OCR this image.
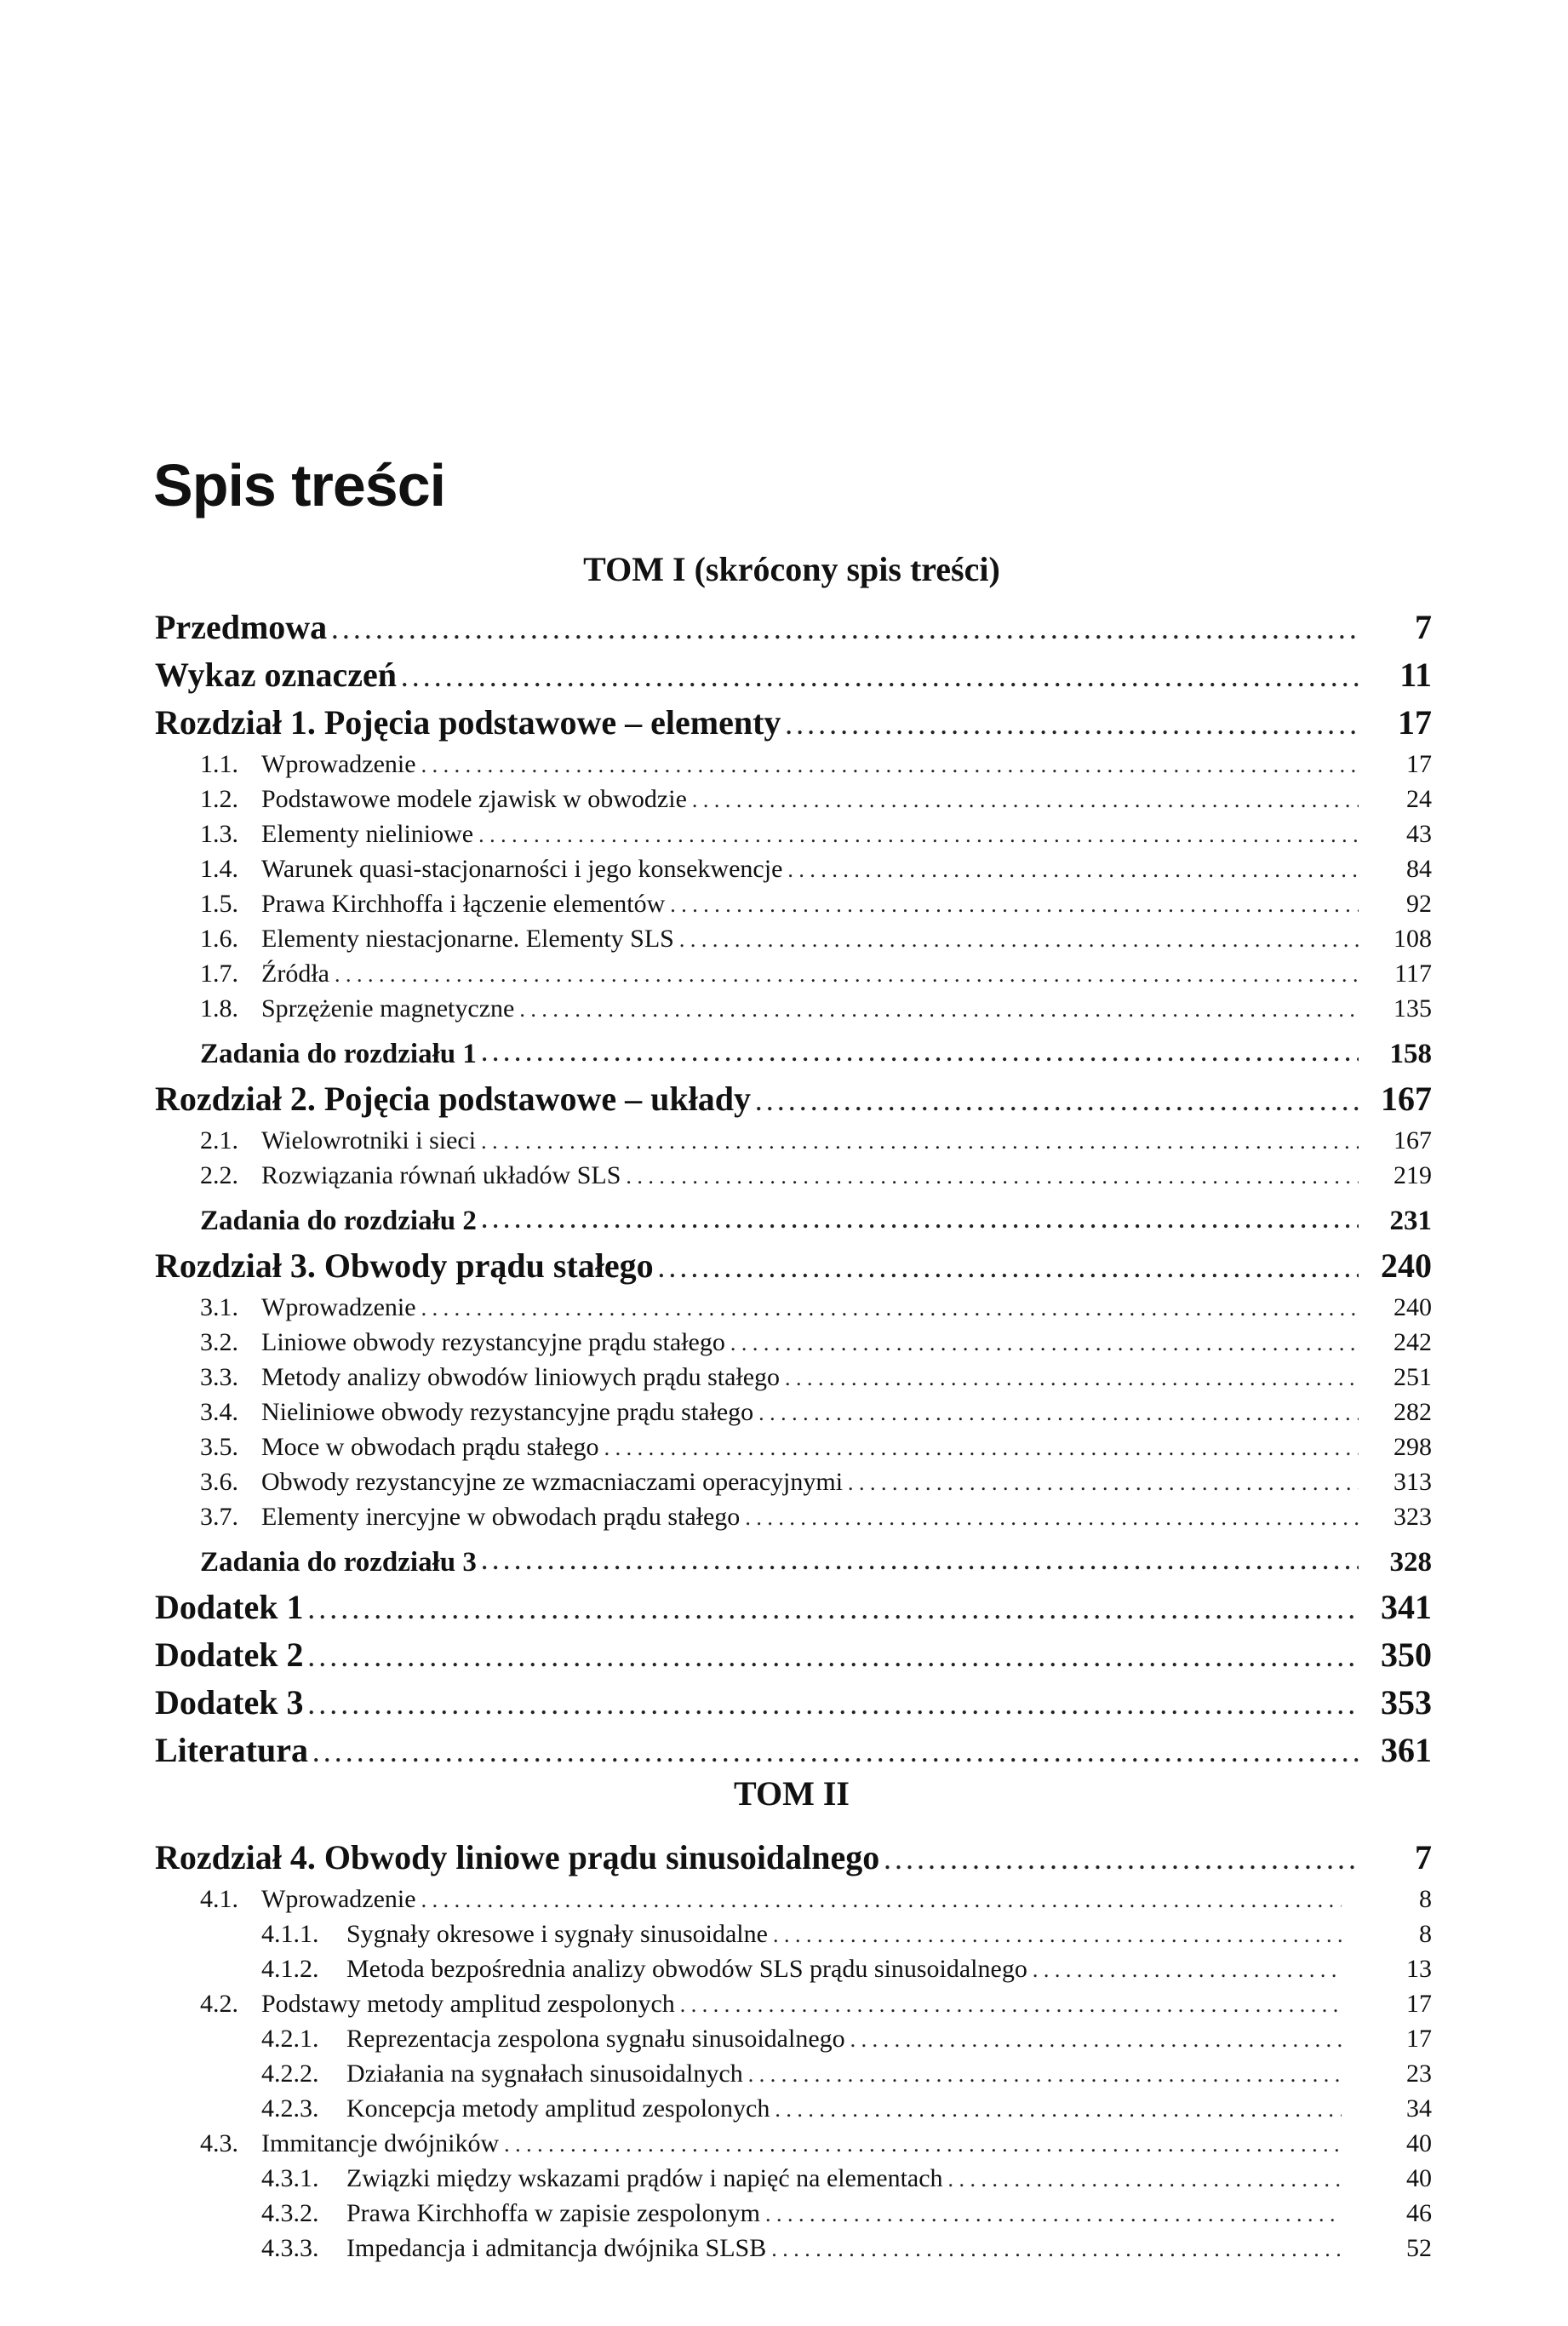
Spis treści
TOM I (skrócony spis treści)
Przedmowa . . .	7
Wykaz oznaczeń . . .	11
Rozdział 1. Pojęcia podstawowe – elementy . . .	17
1.1. Wprowadzenie . . .	17
1.2. Podstawowe modele zjawisk w obwodzie . . .	24
1.3. Elementy nieliniowe . . .	43
1.4. Warunek quasi-stacjonarności i jego konsekwencje . . .	84
1.5. Prawa Kirchhoffa i łączenie elementów . . .	92
1.6. Elementy niestacjonarne. Elementy SLS . . .	108
1.7. Źródła . . .	117
1.8. Sprzężenie magnetyczne . . .	135
Zadania do rozdziału 1 . . .	158
Rozdział 2. Pojęcia podstawowe – układy . . .	167
2.1. Wielowrotniki i sieci . . .	167
2.2. Rozwiązania równań układów SLS . . .	219
Zadania do rozdziału 2 . . .	231
Rozdział 3. Obwody prądu stałego . . .	240
3.1. Wprowadzenie . . .	240
3.2. Liniowe obwody rezystancyjne prądu stałego . . .	242
3.3. Metody analizy obwodów liniowych prądu stałego . . .	251
3.4. Nieliniowe obwody rezystancyjne prądu stałego . . .	282
3.5. Moce w obwodach prądu stałego . . .	298
3.6. Obwody rezystancyjne ze wzmacniaczami operacyjnymi . . .	313
3.7. Elementy inercyjne w obwodach prądu stałego . . .	323
Zadania do rozdziału 3 . . .	328
Dodatek 1 . . .	341
Dodatek 2 . . .	350
Dodatek 3 . . .	353
Literatura . . .	361
TOM II
Rozdział 4. Obwody liniowe prądu sinusoidalnego . . .	7
4.1. Wprowadzenie . . .	8
4.1.1.	Sygnały okresowe i sygnały sinusoidalne . . .	8
4.1.2.	Metoda bezpośrednia analizy obwodów SLS prądu sinusoidalnego . . .	13
4.2. Podstawy metody amplitud zespolonych . . .	17
4.2.1.	Reprezentacja zespolona sygnału sinusoidalnego . . .	17
4.2.2.	Działania na sygnałach sinusoidalnych . . .	23
4.2.3.	Koncepcja metody amplitud zespolonych . . .	34
4.3. Immitancje dwójników . . .	40
4.3.1.	Związki między wskazami prądów i napięć na elementach . . .	40
4.3.2.	Prawa Kirchhoffa w zapisie zespolonym . . .	46
4.3.3.	Impedancja i admitancja dwójnika SLSB . . .	52
